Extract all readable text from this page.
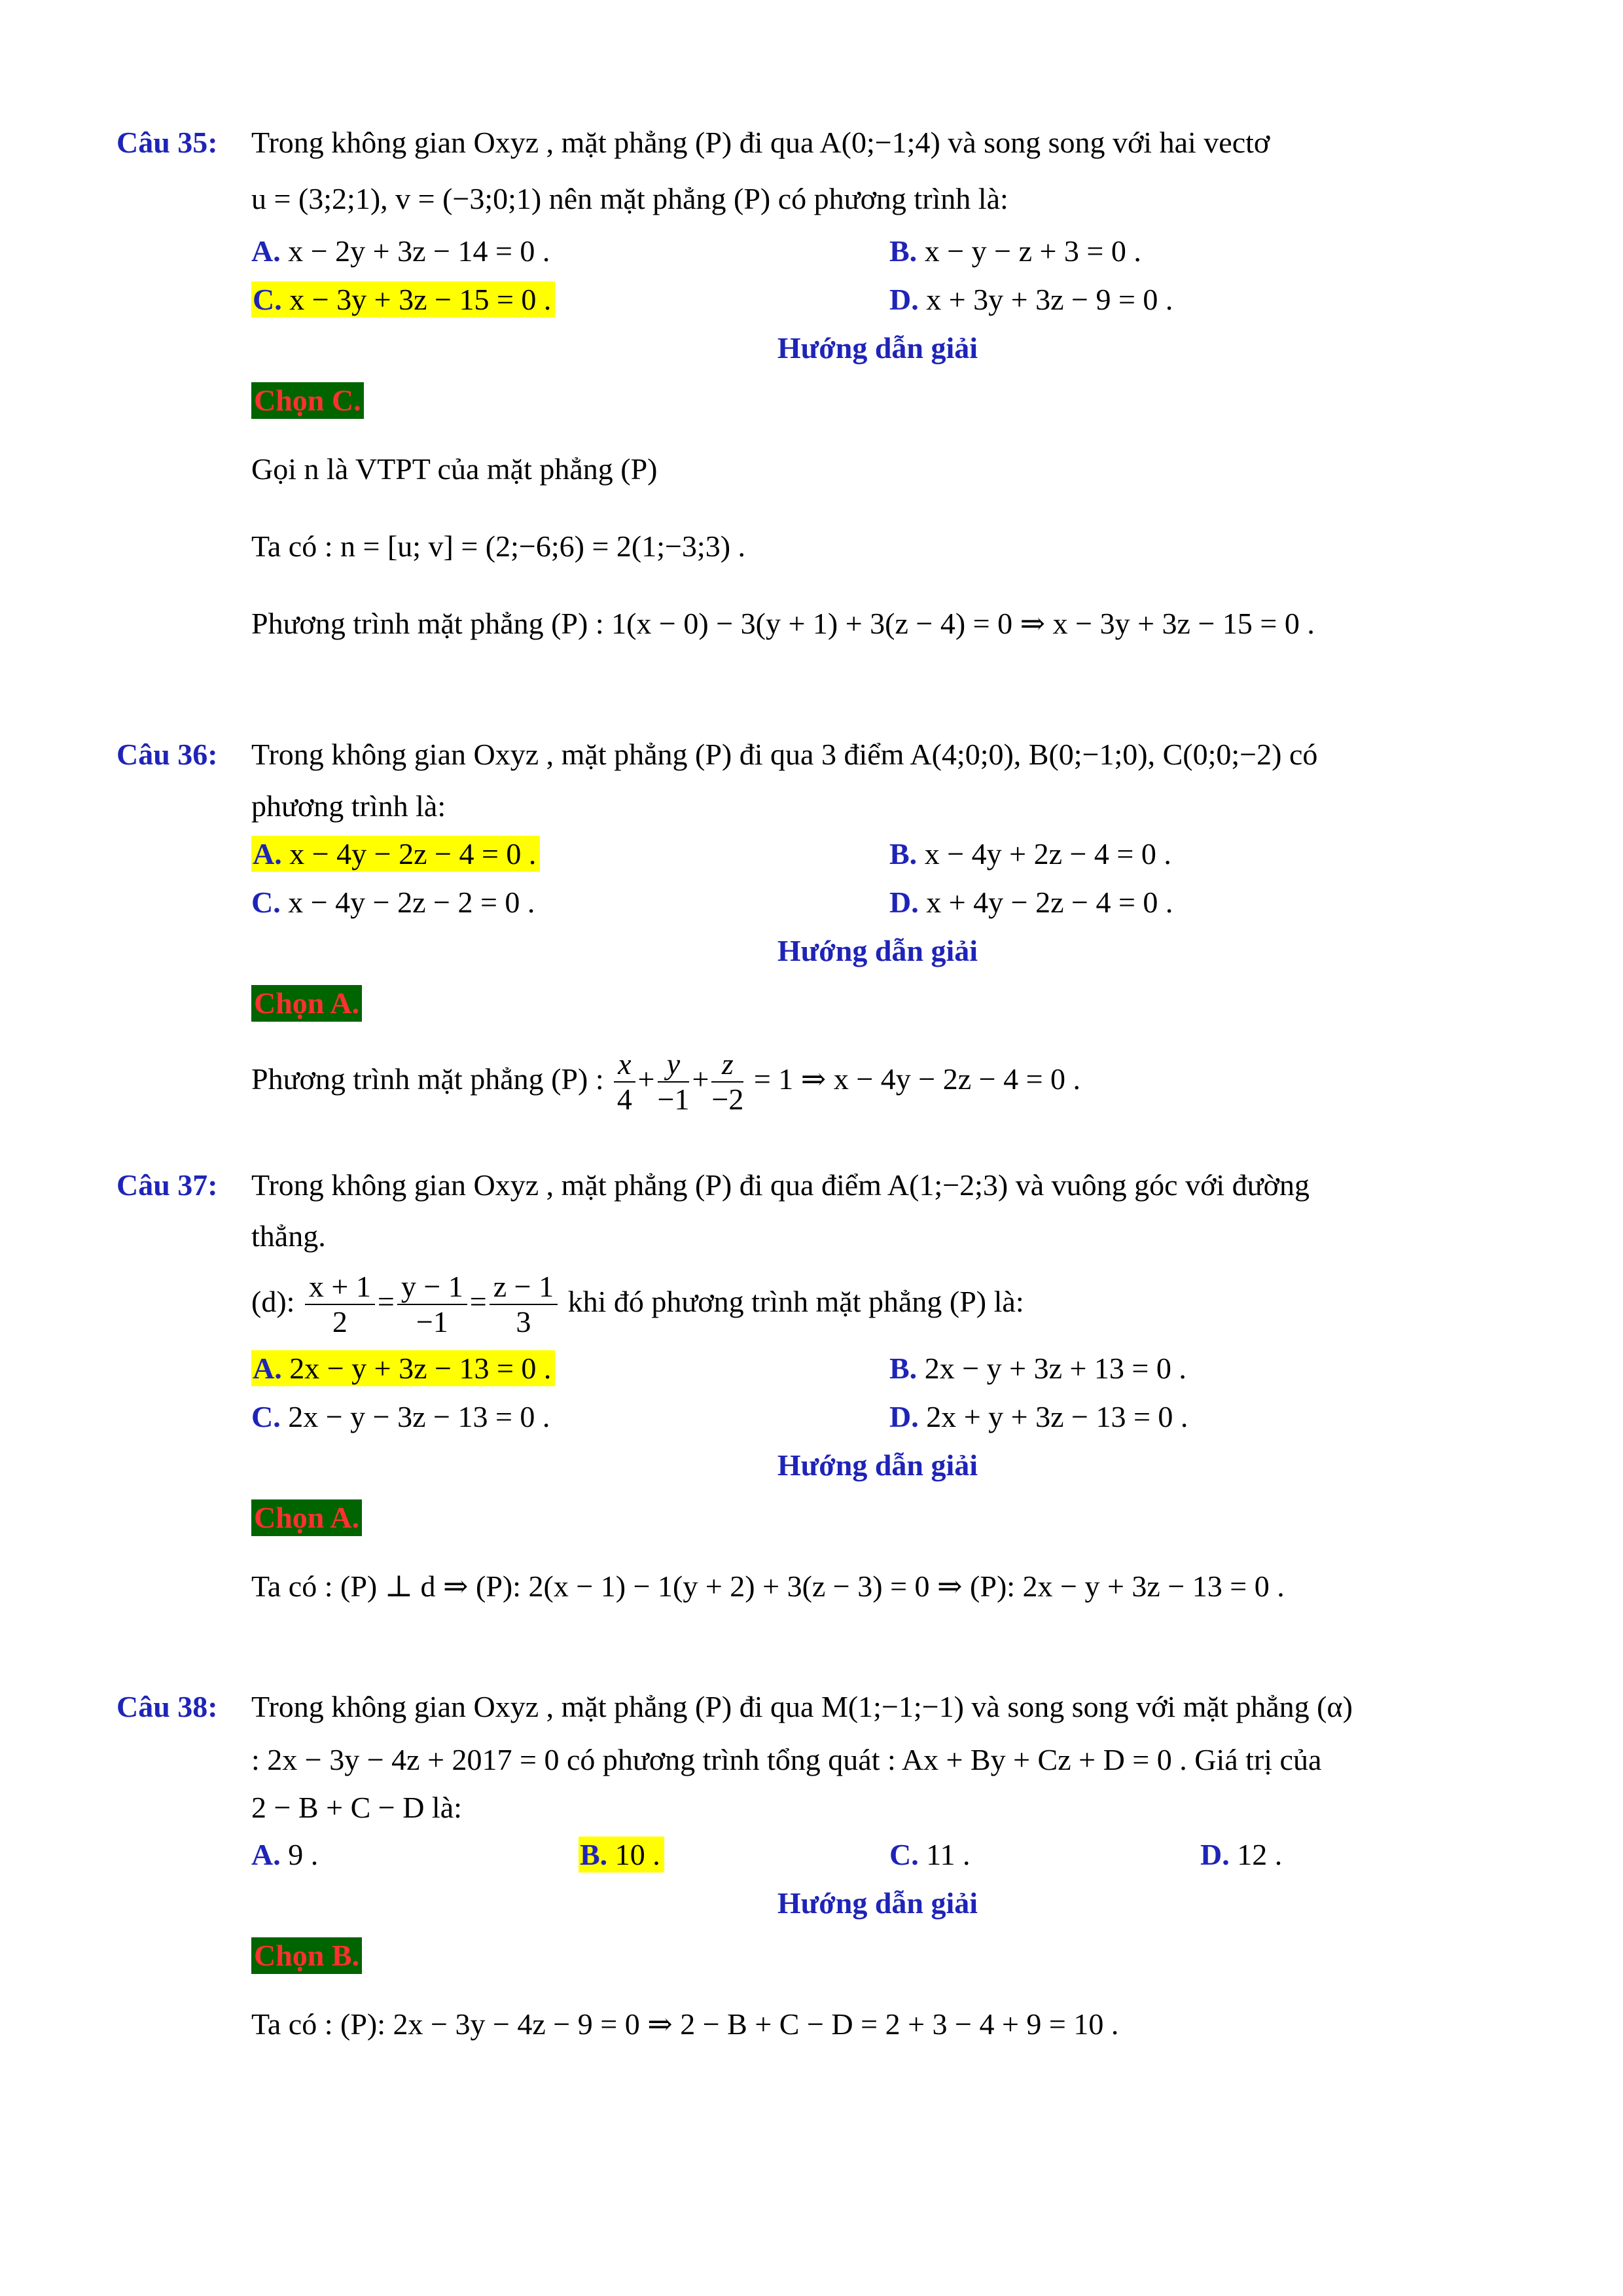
Câu 35: Trong không gian Oxyz , mặt phẳng (P) đi qua A(0;−1;4) và song song với hai vectơ
u = (3;2;1), v = (−3;0;1) nên mặt phẳng (P) có phương trình là:
A. x − 2y + 3z − 14 = 0 .	B. x − y − z + 3 = 0 .
C. x − 3y + 3z − 15 = 0 .	D. x + 3y + 3z − 9 = 0 .
Hướng dẫn giải
Chọn C.
Gọi n là VTPT của mặt phẳng (P)
Ta có : n = [u; v] = (2;−6;6) = 2(1;−3;3) .
Phương trình mặt phẳng (P) : 1(x − 0) − 3(y + 1) + 3(z − 4) = 0 ⇒ x − 3y + 3z − 15 = 0 .
Câu 36: Trong không gian Oxyz , mặt phẳng (P) đi qua 3 điểm A(4;0;0), B(0;−1;0), C(0;0;−2) có
phương trình là:
A. x − 4y − 2z − 4 = 0 .	B. x − 4y + 2z − 4 = 0 .
C. x − 4y − 2z − 2 = 0 .	D. x + 4y − 2z − 4 = 0 .
Hướng dẫn giải
Chọn A.
Phương trình mặt phẳng (P) : $\frac{x}{4} + \frac{y}{-1} + \frac{z}{-2} = 1$ ⇒ x − 4y − 2z − 4 = 0 .
Câu 37: Trong không gian Oxyz , mặt phẳng (P) đi qua điểm A(1;−2;3) và vuông góc với đường
thẳng.
(d): $\frac{x + 1}{2} = \frac{y - 1}{-1} = \frac{z - 1}{3}$ khi đó phương trình mặt phẳng (P) là:
A. 2x − y + 3z − 13 = 0 .	B. 2x − y + 3z + 13 = 0 .
C. 2x − y − 3z − 13 = 0 .	D. 2x + y + 3z − 13 = 0 .
Hướng dẫn giải
Chọn A.
Ta có : (P) ⊥ d ⇒ (P): 2(x − 1) − 1(y + 2) + 3(z − 3) = 0 ⇒ (P): 2x − y + 3z − 13 = 0 .
Câu 38: Trong không gian Oxyz , mặt phẳng (P) đi qua M(1;−1;−1) và song song với mặt phẳng (α)
: 2x − 3y − 4z + 2017 = 0 có phương trình tổng quát : Ax + By + Cz + D = 0 . Giá trị của
2 − B + C − D là:
A. 9 .	B. 10 .	C. 11 .	D. 12 .
Hướng dẫn giải
Chọn B.
Ta có : (P): 2x − 3y − 4z − 9 = 0 ⇒ 2 − B + C − D = 2 + 3 − 4 + 9 = 10 .
